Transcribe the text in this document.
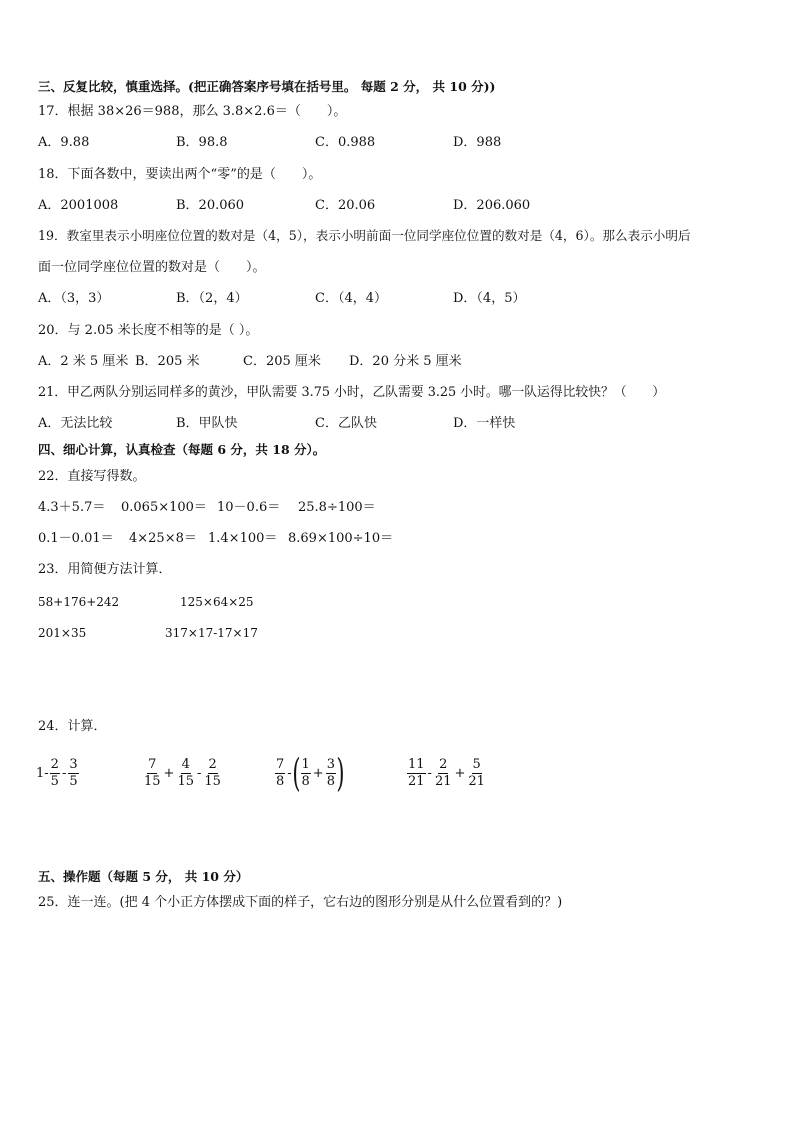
三、反复比较，慎重选择。(把正确答案序号填在括号里。 每题 2 分， 共 10 分))
17．根据 38×26＝988，那么 3.8×2.6＝（　　）。
A．9.88	B．98.8	C．0.988	D．988
18．下面各数中，要读出两个“零”的是（　　）。
A．2001008	B．20.060	C．20.06	D．206.060
19．教室里表示小明座位位置的数对是（4，5），表示小明前面一位同学座位位置的数对是（4，6）。那么表示小明后
面一位同学座位位置的数对是（　　）。
A．（3，3）	B．（2，4）	C．（4，4）	D．（4，5）
20．与 2.05 米长度不相等的是（ ）。
A．2 米 5 厘米 B．205 米	C．205 厘米 D．20 分米 5 厘米
21．甲乙两队分别运同样多的黄沙，甲队需要 3.75 小时，乙队需要 3.25 小时。哪一队运得比较快？（　　）
A．无法比较	B．甲队快	C．乙队快	D．一样快
四、细心计算，认真检查（每题 6 分，共 18 分）。
22．直接写得数。
4.3＋5.7＝ 0.065×100＝ 10－0.6＝ 25.8÷100＝
0.1－0.01＝ 4×25×8＝ 1.4×100＝ 8.69×100÷10＝
23．用简便方法计算．
58+176+242	125×64×25
201×35	317×17-17×17
24．计算．
$1- \frac{2}{5} - \frac{3}{5}$	$\frac{7}{15} + \frac{4}{15} - \frac{2}{15}$	$\frac{7}{8}$ - ( $\frac{1}{8} + \frac{3}{8}$ )	$\frac{11}{21} - \frac{2}{21} + \frac{5}{21}$
五、操作题（每题 5 分， 共 10 分）
25．连一连。(把 4 个小正方体摆成下面的样子，它右边的图形分别是从什么位置看到的？)
